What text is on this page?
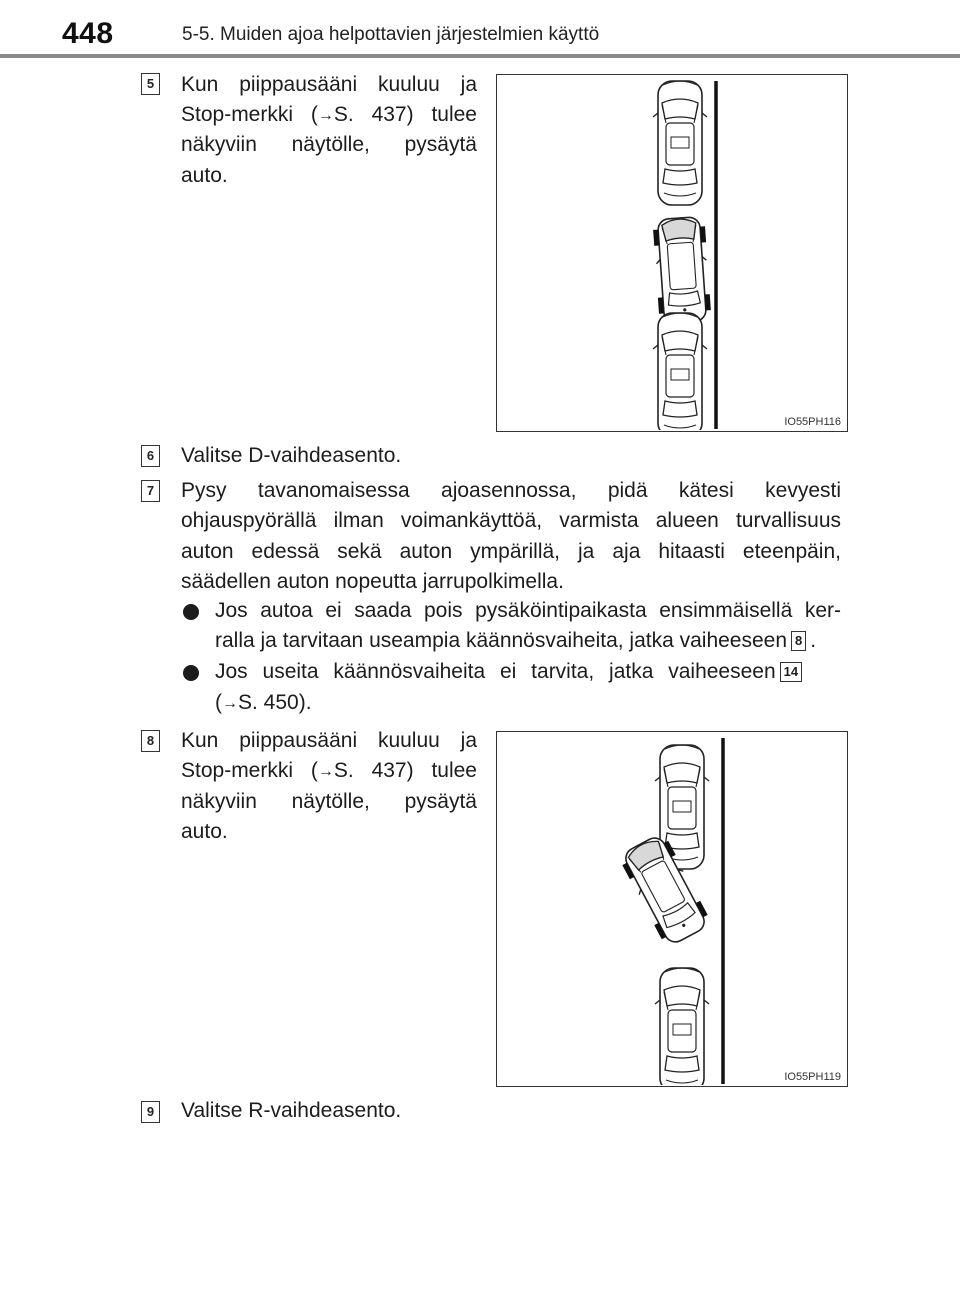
448	5-5. Muiden ajoa helpottavien järjestelmien käyttö
5 Kun piippausääni kuuluu ja
Stop-merkki (→S. 437) tulee
näkyviin näytölle, pysäytä
auto.
IO55PH116
6 Valitse D-vaihdeasento.
7 Pysy tavanomaisessa ajoasennossa, pidä kätesi kevyesti
ohjauspyörällä ilman voimankäyttöä, varmista alueen turvallisuus
auton edessä sekä auton ympärillä, ja aja hitaasti eteenpäin,
säädellen auton nopeutta jarrupolkimella.
Jos autoa ei saada pois pysäköintipaikasta ensimmäisellä ker-
ralla ja tarvitaan useampia käännösvaiheita, jatka vaiheeseen 8 .
Jos useita käännösvaiheita ei tarvita, jatka vaiheeseen 14
(→S. 450).
8 Kun piippausääni kuuluu ja
Stop-merkki (→S. 437) tulee
näkyviin näytölle, pysäytä
auto.
IO55PH119
9 Valitse R-vaihdeasento.
